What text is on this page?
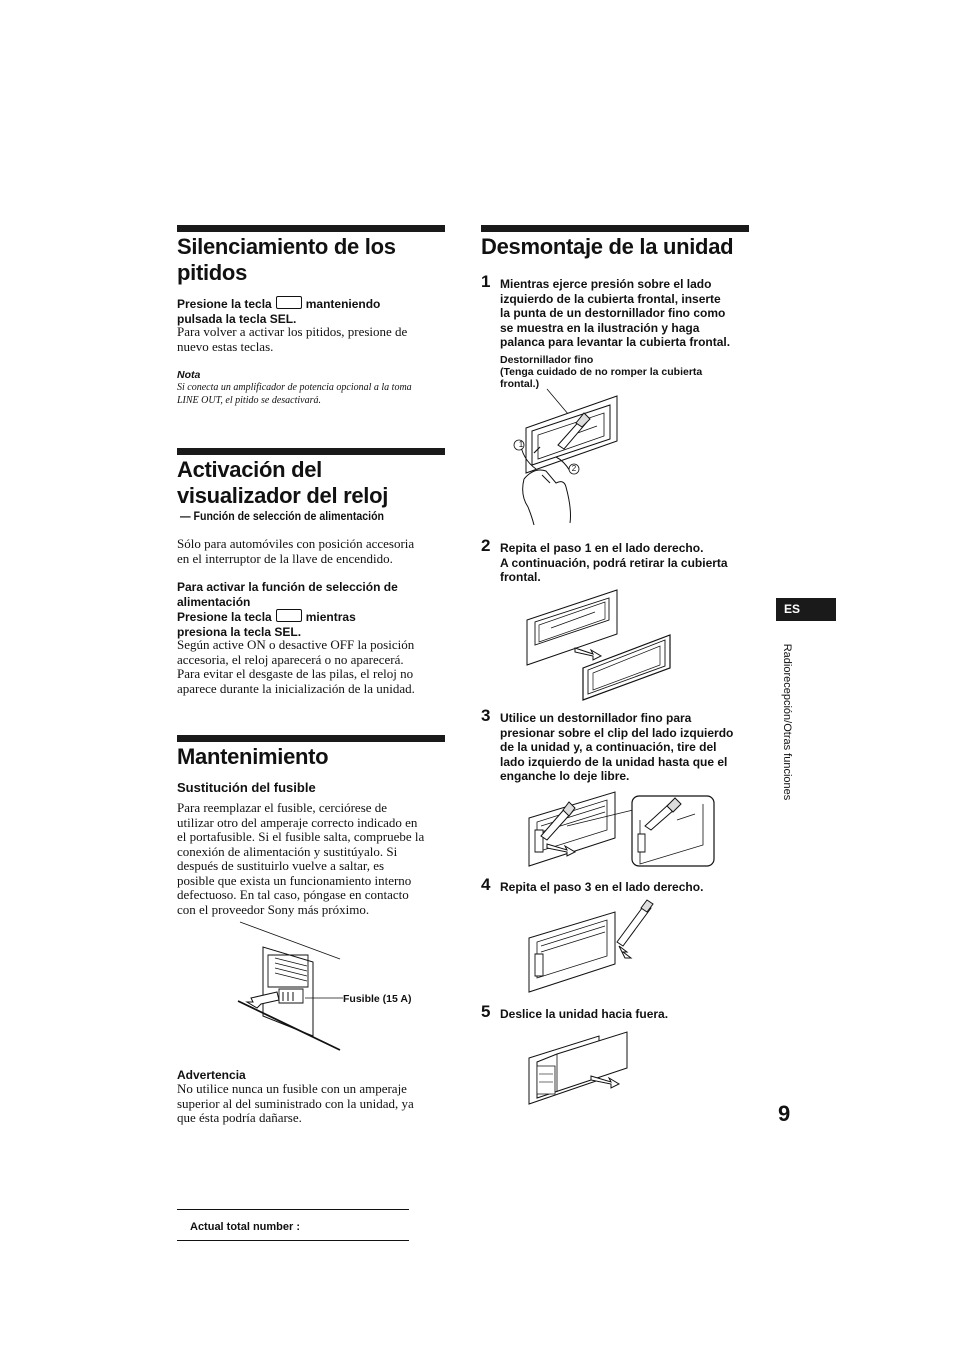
Silenciamiento de los
pitidos
Presione la tecla	manteniendo
pulsada la tecla SEL.
Para volver a activar los pitidos, presione de
nuevo estas teclas.
Nota
Si conecta un amplificador de potencia opcional a la toma
LINE OUT, el pitido se desactivará.
Activación del
visualizador del reloj
— Función de selección de alimentación
Sólo para automóviles con posición accesoria
en el interruptor de la llave de encendido.
Para activar la función de selección de
alimentación
Presione la tecla	mientras
presiona la tecla SEL.
Según active ON o desactive OFF la posición
accesoria, el reloj aparecerá o no aparecerá.
Para evitar el desgaste de las pilas, el reloj no
aparece durante la inicialización de la unidad.
Mantenimiento
Sustitución del fusible
Para reemplazar el fusible, cerciórese de
utilizar otro del amperaje correcto indicado en
el portafusible. Si el fusible salta, compruebe la
conexión de alimentación y sustitúyalo. Si
después de sustituirlo vuelve a saltar, es
posible que exista un funcionamiento interno
defectuoso. En tal caso, póngase en contacto
con el proveedor Sony más próximo.
Fusible (15 A)
Advertencia
No utilice nunca un fusible con un amperaje
superior al del suministrado con la unidad, ya
que ésta podría dañarse.
Actual total number :
Desmontaje de la unidad
1 Mientras ejerce presión sobre el lado
izquierdo de la cubierta frontal, inserte
la punta de un destornillador fino como
se muestra en la ilustración y haga
palanca para levantar la cubierta frontal.
Destornillador fino
(Tenga cuidado de no romper la cubierta
frontal.)
1
2
2 Repita el paso 1 en el lado derecho.
A continuación, podrá retirar la cubierta
frontal.
3 Utilice un destornillador fino para
presionar sobre el clip del lado izquierdo
de la unidad y, a continuación, tire del
lado izquierdo de la unidad hasta que el
enganche lo deje libre.
4 Repita el paso 3 en el lado derecho.
5 Deslice la unidad hacia fuera.
ES
Radiorecepción/Otras funciones
9
